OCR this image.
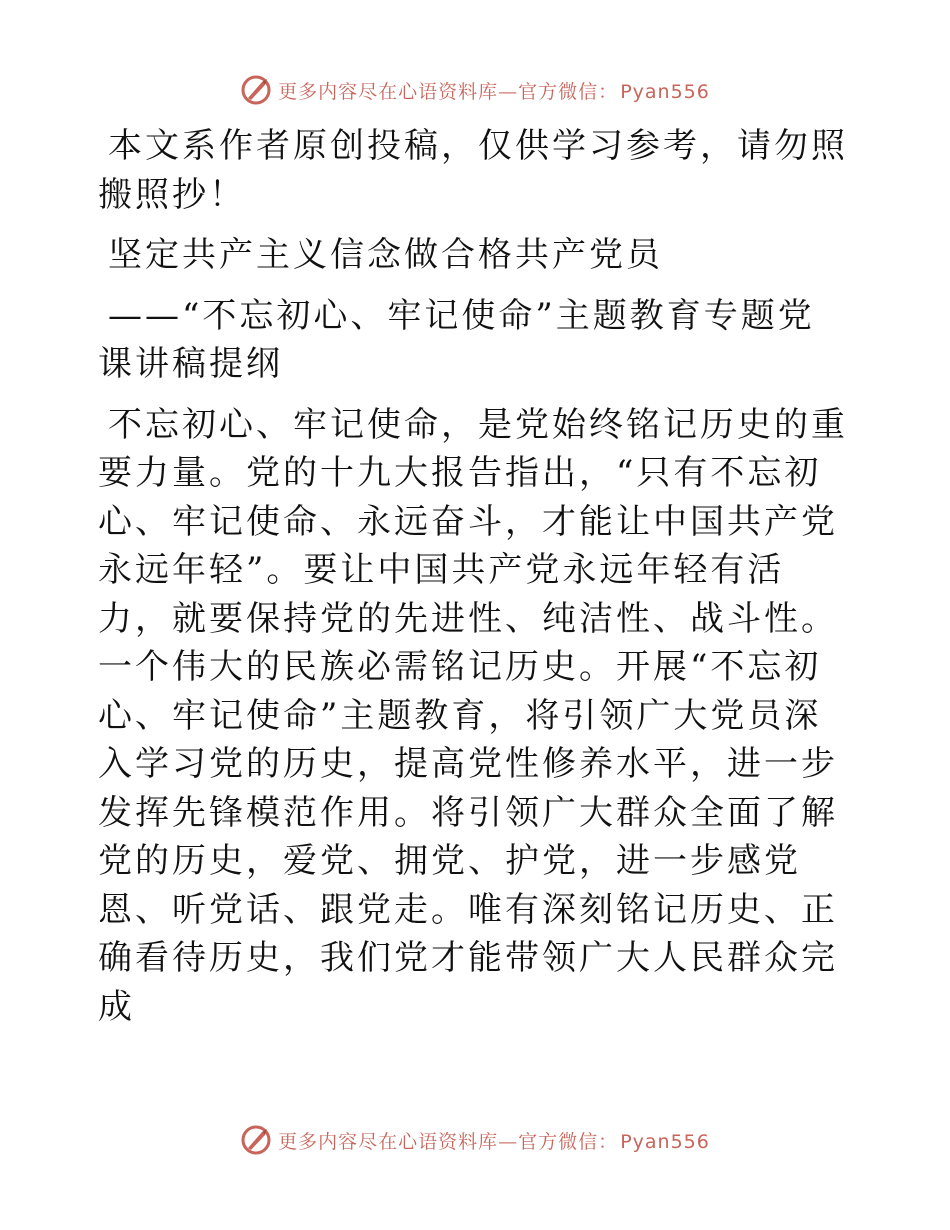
更多内容尽在心语资料库—官方微信： Pyan556

本文系作者原创投稿，仅供学习参考，请勿照搬照抄！

坚定共产主义信念做合格共产党员

——“不忘初心、牢记使命”主题教育专题党课讲稿提纲

不忘初心、牢记使命，是党始终铭记历史的重要力量。党的十九大报告指出，“只有不忘初心、牢记使命、永远奋斗，才能让中国共产党永远年轻”。要让中国共产党永远年轻有活力，就要保持党的先进性、纯洁性、战斗性。一个伟大的民族必需铭记历史。开展“不忘初心、牢记使命”主题教育，将引领广大党员深入学习党的历史，提高党性修养水平，进一步发挥先锋模范作用。将引领广大群众全面了解党的历史，爱党、拥党、护党，进一步感党恩、听党话、跟党走。唯有深刻铭记历史、正确看待历史，我们党才能带领广大人民群众完成

更多内容尽在心语资料库—官方微信： Pyan556
